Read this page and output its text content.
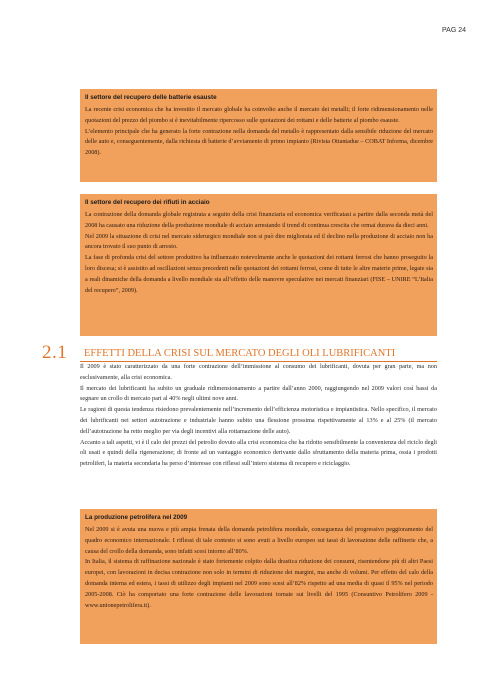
PAG 24
Il settore del recupero delle batterie esauste

La recente crisi economica che ha investito il mercato globale ha coinvolto anche il mercato dei metalli; il forte ridimensionamento nelle quotazioni del prezzo del piombo si è inevitabilmente ripercosso sulle quotazioni dei rottami e delle batterie al piombo esauste.

L’elemento principale che ha generato la forte contrazione nella domanda del metallo è rappresentato dalla sensibile riduzione del mercato delle auto e, conseguentemente, dalla richiesta di batterie d’avviamento di primo impianto (Rivista Ottantadue – COBAT Informa, dicembre 2008).

Il settore del recupero dei rifiuti in acciaio

La contrazione della domanda globale registrata a seguito della crisi finanziaria ed economica verificatasi a partire dalla seconda metà del 2008 ha causato una riduzione della produzione mondiale di acciaio arrestando il trend di continua crescita che ormai durava da dieci anni.

Nel 2009 la situazione di crisi nel mercato siderurgico mondiale non si può dire migliorata ed il declino nella produzione di acciaio non ha ancora trovato il suo punto di arresto.

La fase di profonda crisi del settore produttivo ha influenzato notevolmente anche le quotazioni dei rottami ferrosi che hanno proseguito la loro discesa; si è assistito ad oscillazioni senza precedenti nelle quotazioni dei rottami ferrosi, come di tutte le altre materie prime, legate sia a reali dinamiche della domanda a livello mondiale sia all’effetto delle manovre speculative nei mercati finanziari (FISE – UNIRE “L’Italia del recupero”, 2009).

2.1 EFFETTI DELLA CRISI SUL MERCATO DEGLI OLI LUBRIFICANTI

Il 2009 è stato caratterizzato da una forte contrazione dell’immissione al consumo dei lubrificanti, dovuta per gran parte, ma non esclusivamente, alla crisi economica.

Il mercato dei lubrificanti ha subito un graduale ridimensionamento a partire dall’anno 2000, raggiungendo nel 2009 valori così bassi da segnare un crollo di mercato pari al 40% negli ultimi nove anni.

Le ragioni di questa tendenza risiedono prevalentemente nell’incremento dell’efficienza motoristica e impiantistica. Nello specifico, il mercato dei lubrificanti nei settori autotrazione e industriale hanno subito una flessione prossima rispettivamente al 13% e al 25% (il mercato dell’autotrazione ha retto meglio per via degli incentivi alla rottamazione delle auto).

Accanto a tali aspetti, vi è il calo dei prezzi del petrolio dovuto alla crisi economica che ha ridotto sensibilmente la convenienza del riciclo degli oli usati e quindi della rigenerazione; di fronte ad un vantaggio economico derivante dallo sfruttamento della materia prima, ossia i prodotti petroliferi, la materia secondaria ha perso d’interesse con riflessi sull’intero sistema di recupero e riciclaggio.

La produzione petrolifera nel 2009

Nel 2009 si è avuta una nuova e più ampia frenata della domanda petrolifera mondiale, conseguenza del progressivo peggioramento del quadro economico internazionale. I riflessi di tale contesto si sono avuti a livello europeo sui tassi di lavorazione delle raffinerie che, a causa del crollo della domanda, sono infatti scesi intorno all’80%.

In Italia, il sistema di raffinazione nazionale è stato fortemente colpito dalla drastica riduzione dei consumi, risentendone più di altri Paesi europei, con lavorazioni in decisa contrazione non solo in termini di riduzione dei margini, ma anche di volumi. Per effetto del calo della domanda interna ed estera, i tassi di utilizzo degli impianti nel 2009 sono scesi all’82% rispetto ad una media di quasi il 95% nel periodo 2005-2008. Ciò ha comportato una forte contrazione delle lavorazioni tornate sui livelli del 1995 (Consuntivo Petrolifero 2009 - www.unionepetrolifera.it).
